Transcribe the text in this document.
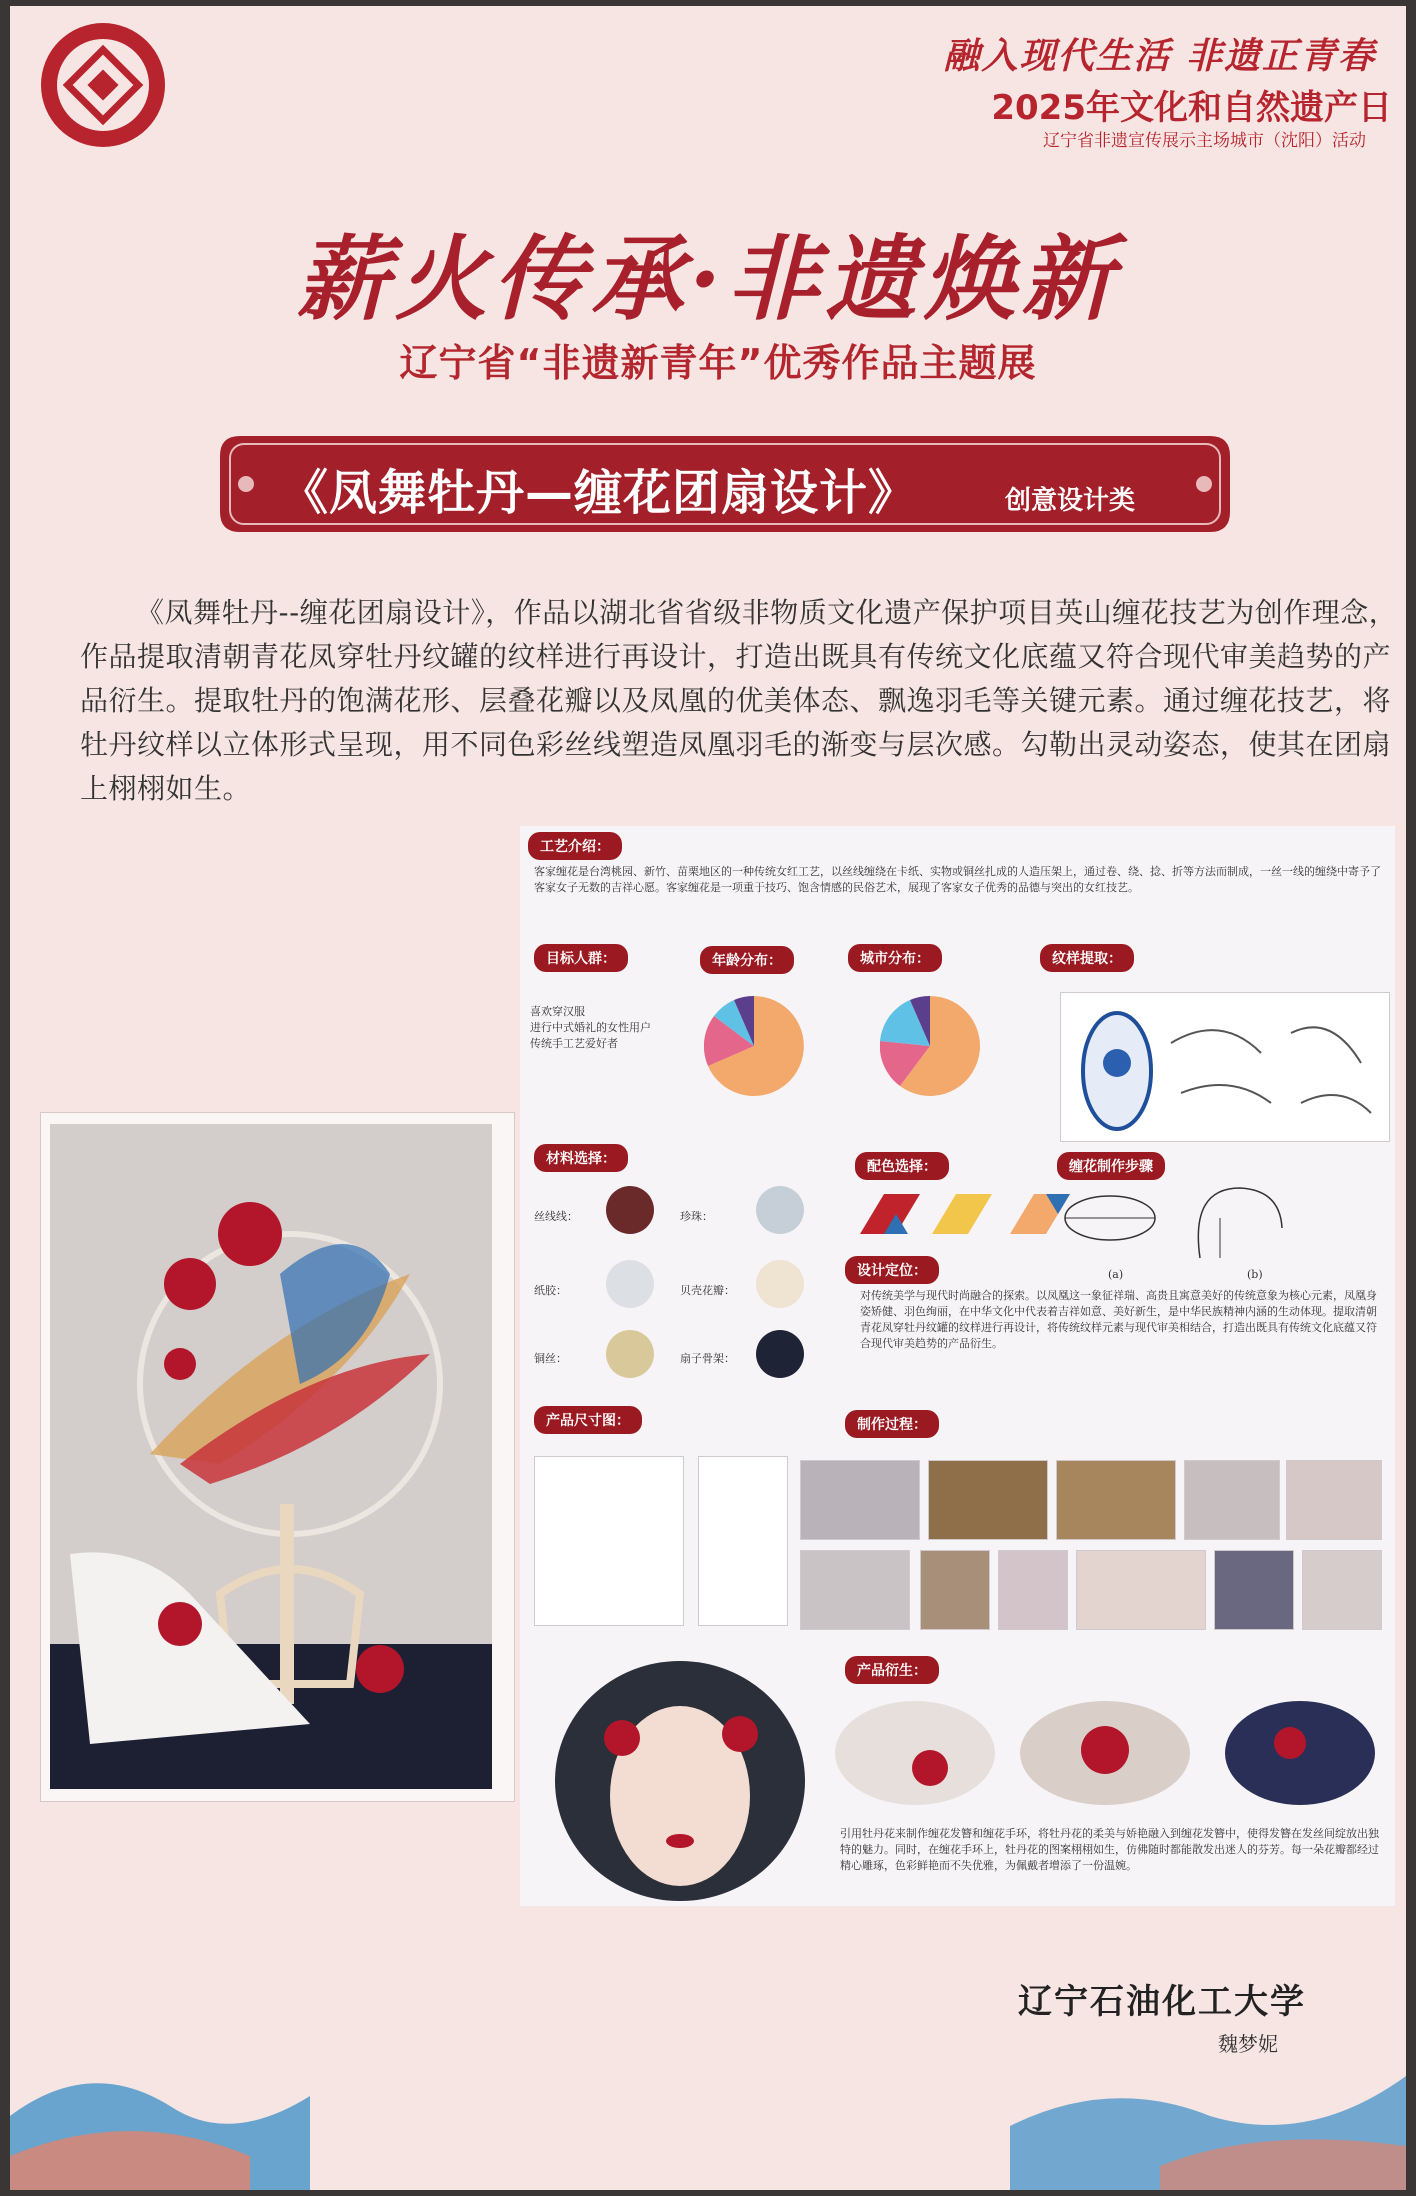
融入现代生活 非遗正青春
2025年文化和自然遗产日
辽宁省非遗宣传展示主场城市（沈阳）活动
薪火传承·非遗焕新
辽宁省“非遗新青年”优秀作品主题展
《凤舞牡丹—缠花团扇设计》	创意设计类

《凤舞牡丹--缠花团扇设计》，作品以湖北省省级非物质文化遗产保护项目英山缠花技艺为创作理念，作品提取清朝青花凤穿牡丹纹罐的纹样进行再设计，打造出既具有传统文化底蕴又符合现代审美趋势的产品衍生。提取牡丹的饱满花形、层叠花瓣以及凤凰的优美体态、飘逸羽毛等关键元素。通过缠花技艺，将牡丹纹样以立体形式呈现，用不同色彩丝线塑造凤凰羽毛的渐变与层次感。勾勒出灵动姿态，使其在团扇上栩栩如生。

工艺介绍：

客家缠花是台湾桃园、新竹、苗栗地区的一种传统女红工艺，以丝线缠绕在卡纸、实物或铜丝扎成的人造压架上，通过卷、绕、捻、折等方法而制成，一丝一线的缠绕中寄予了客家女子无数的吉祥心愿。客家缠花是一项重于技巧、饱含情感的民俗艺术，展现了客家女子优秀的品德与突出的女红技艺。

目标人群：	年龄分布：	城市分布：	纹样提取：

喜欢穿汉服
进行中式婚礼的女性用户
传统手工艺爱好者

材料选择：	配色选择：	缠花制作步骤
丝线线：	珍珠：
纸胶：	贝壳花瓣：
铜丝：	扇子骨架：
(a)	(b)
设计定位：

对传统美学与现代时尚融合的探索。以凤凰这一象征祥瑞、高贵且寓意美好的传统意象为核心元素，凤凰身姿矫健、羽色绚丽，在中华文化中代表着吉祥如意、美好新生，是中华民族精神内涵的生动体现。提取清朝青花凤穿牡丹纹罐的纹样进行再设计，将传统纹样元素与现代审美相结合，打造出既具有传统文化底蕴又符合现代审美趋势的产品衍生。

产品尺寸图：	制作过程：
产品衍生：

引用牡丹花来制作缠花发簪和缠花手环，将牡丹花的柔美与娇艳融入到缠花发簪中，使得发簪在发丝间绽放出独特的魅力。同时，在缠花手环上，牡丹花的图案栩栩如生，仿佛随时都能散发出迷人的芬芳。每一朵花瓣都经过精心雕琢，色彩鲜艳而不失优雅，为佩戴者增添了一份温婉。

辽宁石油化工大学
魏梦妮
